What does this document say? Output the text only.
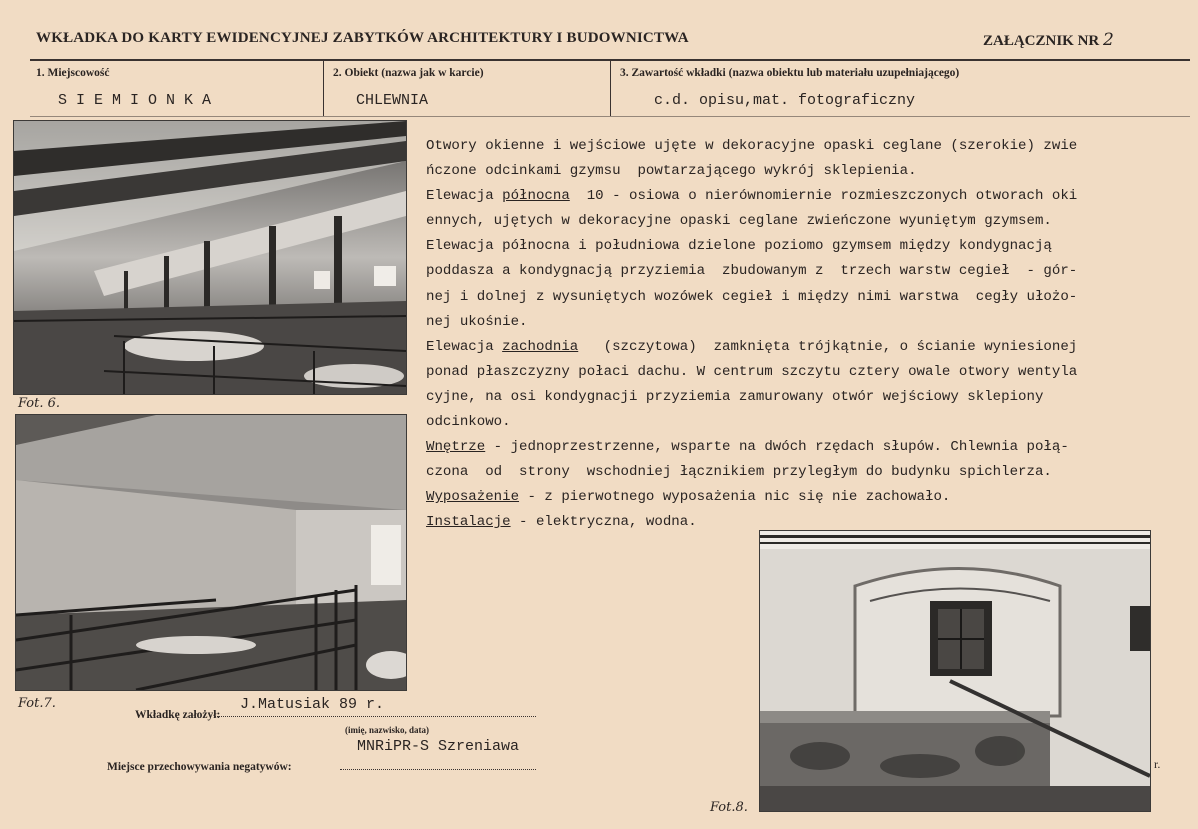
WKŁADKA DO KARTY EWIDENCYJNEJ ZABYTKÓW ARCHITEKTURY I BUDOWNICTWA	ZAŁĄCZNIK NR 2
1. Miejscowość
S I E M I O N K A
2. Obiekt (nazwa jak w karcie)
CHLEWNIA
3. Zawartość wkładki (nazwa obiektu lub materiału uzupełniającego)
c.d. opisu,mat. fotograficzny
Fot. 6.
Fot.7.
Otwory okienne i wejściowe ujęte w dekoracyjne opaski ceglane (szerokie) zwie
ńczone odcinkami gzymsu  powtarzającego wykrój sklepienia.
Elewacja północna  10 - osiowa o nierównomiernie rozmieszczonych otworach oki
ennych, ujętych w dekoracyjne opaski ceglane zwieńczone wyuniętym gzymsem.
Elewacja północna i południowa dzielone poziomo gzymsem między kondygnacją
poddasza a kondygnacją przyziemia  zbudowanym z  trzech warstw cegieł  - gór-
nej i dolnej z wysuniętych wozówek cegieł i między nimi warstwa  cegły ułożo-
nej ukośnie.
Elewacja zachodnia   (szczytowa)  zamknięta trójkątnie, o ścianie wyniesionej
ponad płaszczyzny połaci dachu. W centrum szczytu cztery owale otwory wentyla
cyjne, na osi kondygnacji przyziemia zamurowany otwór wejściowy sklepiony
odcinkowo.
Wnętrze - jednoprzestrzenne, wsparte na dwóch rzędach słupów. Chlewnia połą-
czona  od  strony  wschodniej łącznikiem przyległym do budynku spichlerza.
Wyposażenie - z pierwotnego wyposażenia nic się nie zachowało.
Instalacje - elektryczna, wodna.
Fot.8.
r.
Wkładkę założył:
J.Matusiak 89 r.
(imię, nazwisko, data)
MNRiPR-S Szreniawa
Miejsce przechowywania negatywów:
